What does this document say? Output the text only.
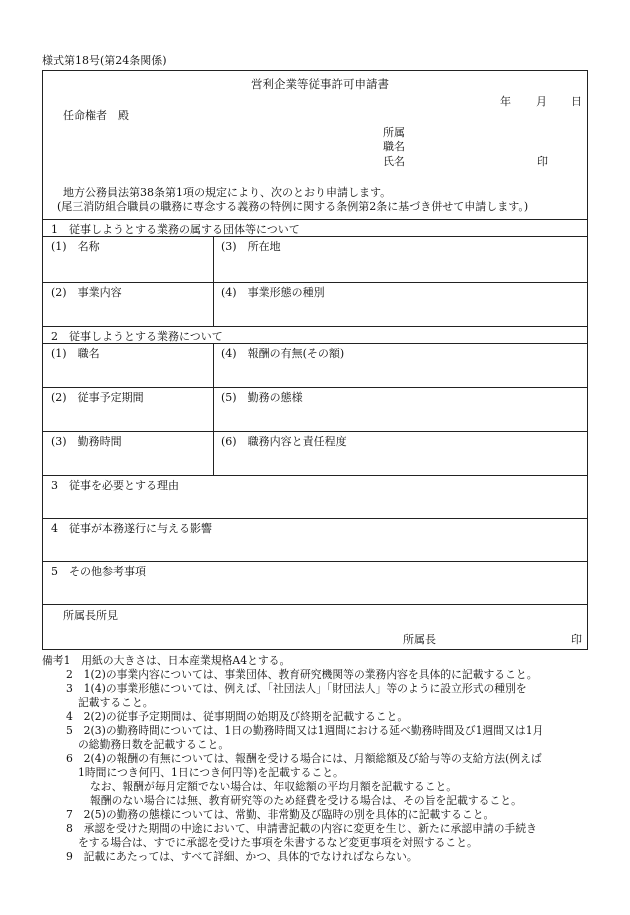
様式第18号(第24条関係)
営利企業等従事許可申請書
年 月 日
任命権者　殿
所属
職名
氏名	印
地方公務員法第38条第1項の規定により、次のとおり申請します。
(尾三消防組合職員の職務に専念する義務の特例に関する条例第2条に基づき併せて申請します。)
1　従事しようとする業務の属する団体等について
(1)　名称	(3)　所在地
(2)　事業内容	(4)　事業形態の種別
2　従事しようとする業務について
(1)　職名	(4)　報酬の有無(その額)
(2)　従事予定期間	(5)　勤務の態様
(3)　勤務時間	(6)　職務内容と責任程度
3　従事を必要とする理由
4　従事が本務遂行に与える影響
5　その他参考事項
所属長所見
所属長	印
備考1　用紙の大きさは、日本産業規格A4とする。
2　1(2)の事業内容については、事業団体、教育研究機関等の業務内容を具体的に記載すること。
3　1(4)の事業形態については、例えば、「社団法人」「財団法人」等のように設立形式の種別を
記載すること。
4　2(2)の従事予定期間は、従事期間の始期及び終期を記載すること。
5　2(3)の勤務時間については、1日の勤務時間又は1週間における延べ勤務時間及び1週間又は1月
の総勤務日数を記載すること。
6　2(4)の報酬の有無については、報酬を受ける場合には、月額総額及び給与等の支給方法(例えば
1時間につき何円、1日につき何円等)を記載すること。
なお、報酬が毎月定額でない場合は、年収総額の平均月額を記載すること。
報酬のない場合には無、教育研究等のため経費を受ける場合は、その旨を記載すること。
7　2(5)の勤務の態様については、常勤、非常勤及び臨時の別を具体的に記載すること。
8　承認を受けた期間の中途において、申請書記載の内容に変更を生じ、新たに承認申請の手続き
をする場合は、すでに承認を受けた事項を朱書するなど変更事項を対照すること。
9　記載にあたっては、すべて詳細、かつ、具体的でなければならない。
